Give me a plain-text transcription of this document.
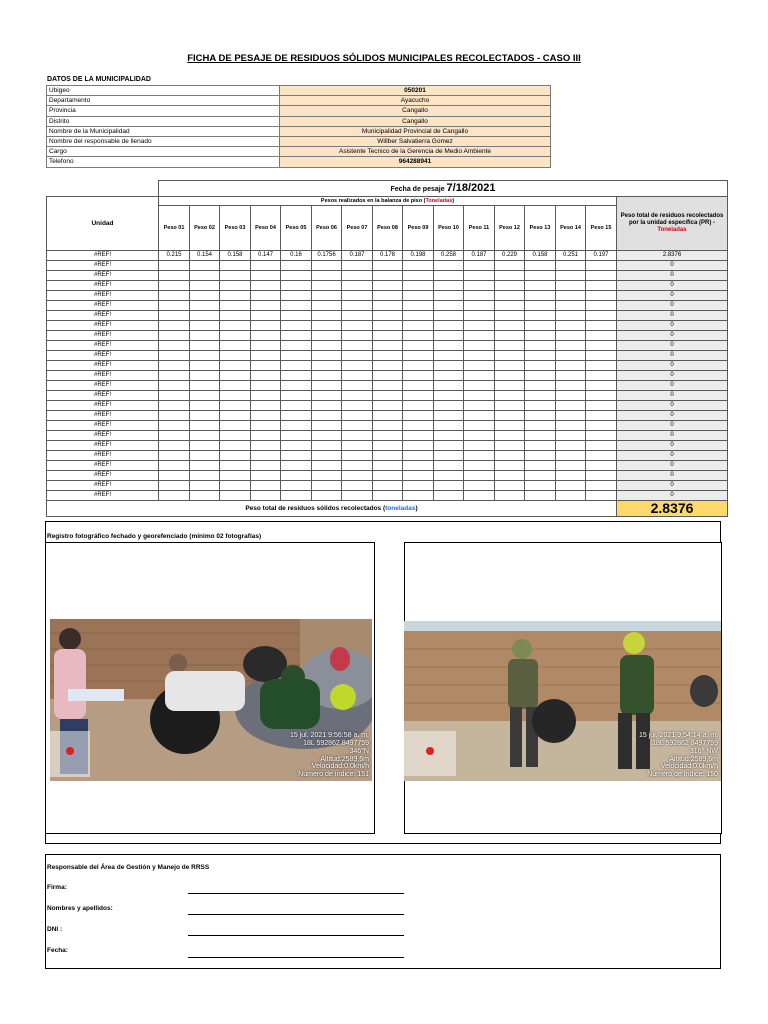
FICHA DE PESAJE DE RESIDUOS SÓLIDOS MUNICIPALES RECOLECTADOS - CASO III
DATOS DE LA MUNICIPALIDAD
Ubigeo	050201
Departamento	Ayacucho
Provincia	Cangallo
Distrito	Cangallo
Nombre de la Municipalidad	Municipalidad Provincial de Cangallo
Nombre del responsable de llenado	Willber Salvatierra Gomez
Cargo	Asistente Tecnico de la Gerencia de Medio Ambiente
Telefono	964288941
	Fecha de pesaje 7/18/2021															
Unidad	Pesos realizados en la balanza de piso (Toneladas)															Peso total de residuos recolectados por la unidad específica (PR) - Toneladas
	Peso 01	Peso 02	Peso 03	Peso 04	Peso 05	Peso 06	Peso 07	Peso 08	Peso 09	Peso 10	Peso 11	Peso 12	Peso 13	Peso 14	Peso 15	
#REF!	0.215	0.154	0.158	0.147	0.16	0.1756	0.187	0.178	0.198	0.258	0.187	0.229	0.158	0.251	0.197	2.8376
#REF!																0
#REF!																0
#REF!																0
#REF!																0
#REF!																0
#REF!																0
#REF!																0
#REF!																0
#REF!																0
#REF!																0
#REF!																0
#REF!																0
#REF!																0
#REF!																0
#REF!																0
#REF!																0
#REF!																0
#REF!																0
#REF!																0
#REF!																0
#REF!																0
#REF!																0
#REF!																0
#REF!																0
Peso total de residuos sólidos recolectados (toneladas)																2.8376
Registro fotográfico fechado y georefenciado (mínimo 02 fotografías)
15 jul. 2021 9:56:58 a. m.
18L 592862 8497759
346°N
Altitud:2589.6m
Velocidad:0.0km/h
Número de índice: 151
15 jul. 2021 9:54:14 a. m.
18L 592862 8497759
316° NW
Altitud:2589.6m
Velocidad:0.0km/h
Número de índice: 150
Responsable del Área de Gestión y Manejo de RRSS
Firma:
Nombres y apellidos:
DNI :
Fecha:
